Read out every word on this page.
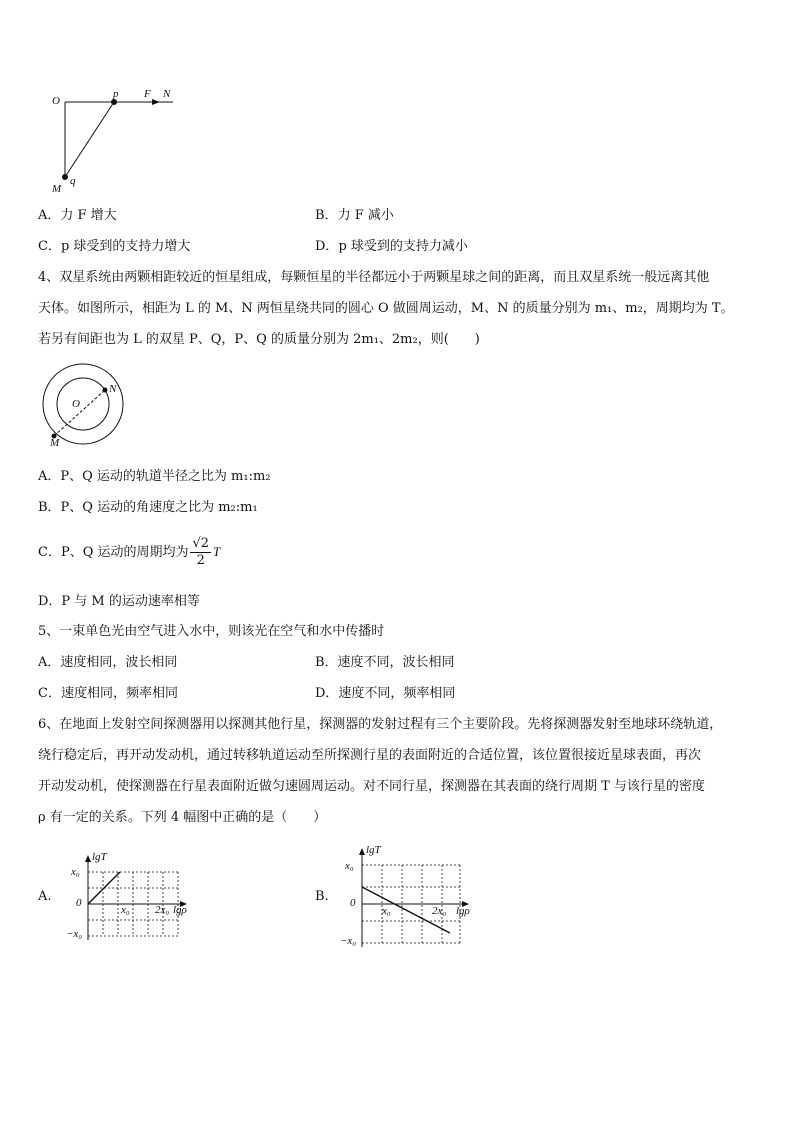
O
p F N
M
q
A．力 F 增大	B．力 F 减小
C．p 球受到的支持力增大	D．p 球受到的支持力减小
4、双星系统由两颗相距较近的恒星组成，每颗恒星的半径都远小于两颗星球之间的距离，而且双星系统一般远离其他
天体。如图所示，相距为 L 的 M、N 两恒星绕共同的圆心 O 做圆周运动，M、N 的质量分别为 m₁、m₂，周期均为 T。
若另有间距也为 L 的双星 P、Q，P、Q 的质量分别为 2m₁、2m₂，则(　　)
O
N
M
A．P、Q 运动的轨道半径之比为 m₁:m₂
B．P、Q 运动的角速度之比为 m₂:m₁
C．P、Q 运动的周期均为 $\frac{√2}{2}$ T
D．P 与 M 的运动速率相等
5、一束单色光由空气进入水中，则该光在空气和水中传播时
A．速度相同，波长相同	B．速度不同，波长相同
C．速度相同，频率相同	D．速度不同，频率相同
6、在地面上发射空间探测器用以探测其他行星，探测器的发射过程有三个主要阶段。先将探测器发射至地球环绕轨道，
绕行稳定后，再开动发动机，通过转移轨道运动至所探测行星的表面附近的合适位置，该位置很接近星球表面，再次
开动发动机，使探测器在行星表面附近做匀速圆周运动。对不同行星，探测器在其表面的绕行周期 T 与该行星的密度
ρ 有一定的关系。下列 4 幅图中正确的是（　　）
A.
lgT
x₀
0
−x₀
x₀ 2x₀ lgρ
B.
lgT
x₀
0
−x₀
x₀	2x₀ lgρ
